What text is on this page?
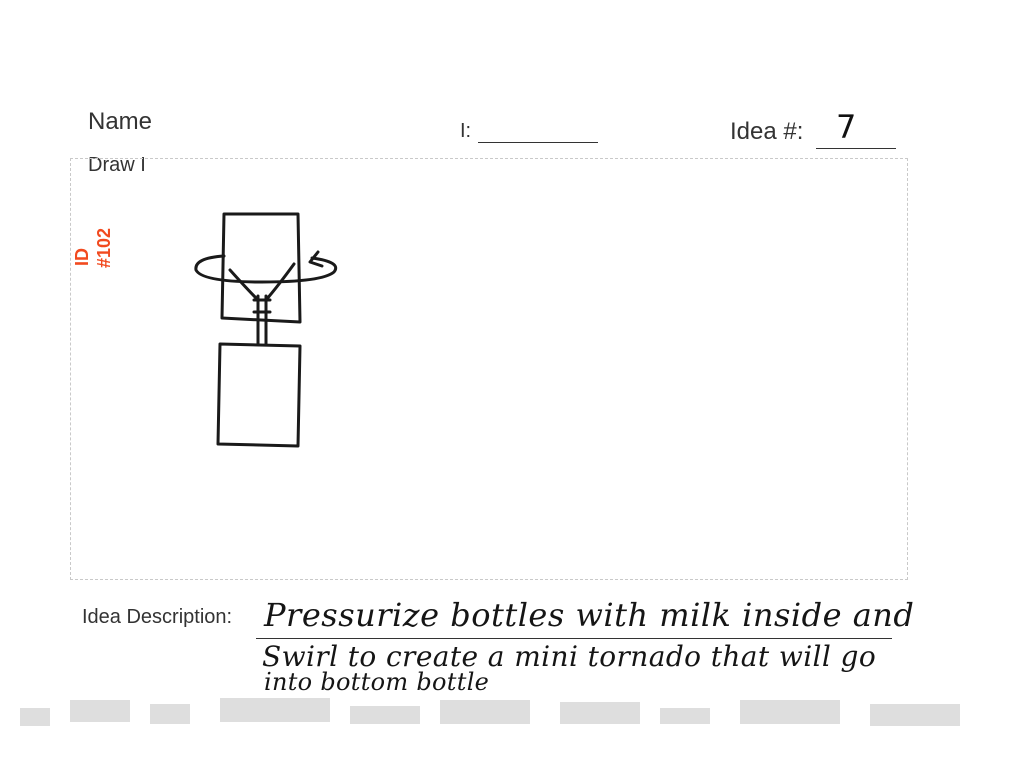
Name
Draw I
I:	Idea #: 7
ID #102
Idea Description: Pressurize bottles with milk inside and
Swirl to create a mini tornado that will go
into bottom bottle
